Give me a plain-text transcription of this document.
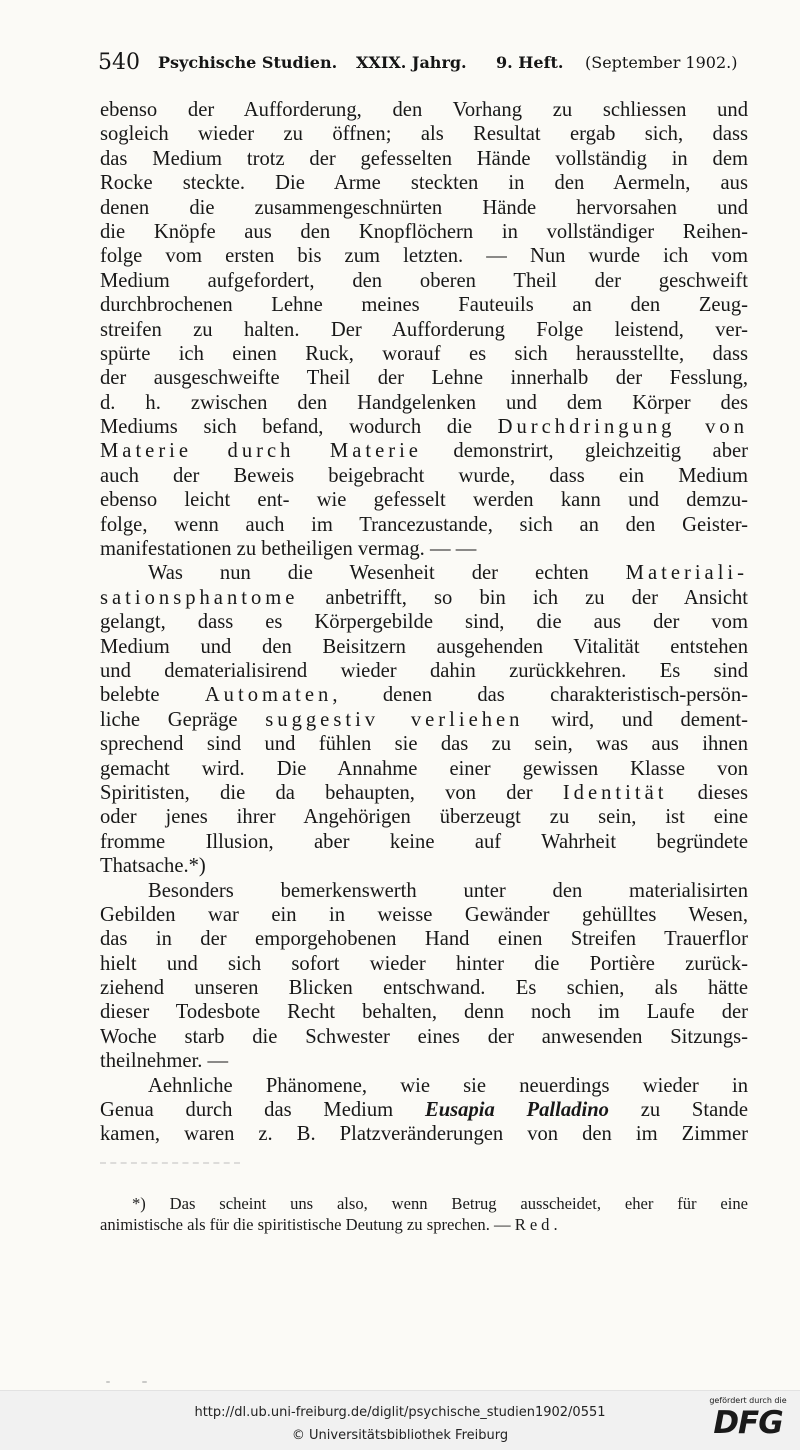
540 Psychische Studien. XXIX. Jahrg. 9. Heft. (September 1902.)
ebenso der Aufforderung, den Vorhang zu schliessen und
sogleich wieder zu öffnen; als Resultat ergab sich, dass
das Medium trotz der gefesselten Hände vollständig in dem
Rocke steckte. Die Arme steckten in den Aermeln, aus
denen die zusammengeschnürten Hände hervorsahen und
die Knöpfe aus den Knopflöchern in vollständiger Reihen-
folge vom ersten bis zum letzten. — Nun wurde ich vom
Medium aufgefordert, den oberen Theil der geschweift
durchbrochenen Lehne meines Fauteuils an den Zeug-
streifen zu halten. Der Aufforderung Folge leistend, ver-
spürte ich einen Ruck, worauf es sich herausstellte, dass
der ausgeschweifte Theil der Lehne innerhalb der Fesslung,
d. h. zwischen den Handgelenken und dem Körper des
Mediums sich befand, wodurch die Durchdringung von
Materie durch Materie demonstrirt, gleichzeitig aber
auch der Beweis beigebracht wurde, dass ein Medium
ebenso leicht ent- wie gefesselt werden kann und demzu-
folge, wenn auch im Trancezustande, sich an den Geister-
manifestationen zu betheiligen vermag. — —
Was nun die Wesenheit der echten Materiali-
sationsphantome anbetrifft, so bin ich zu der Ansicht
gelangt, dass es Körpergebilde sind, die aus der vom
Medium und den Beisitzern ausgehenden Vitalität entstehen
und dematerialisirend wieder dahin zurückkehren. Es sind
belebte Automaten, denen das charakteristisch-persön-
liche Gepräge suggestiv verliehen wird, und dement-
sprechend sind und fühlen sie das zu sein, was aus ihnen
gemacht wird. Die Annahme einer gewissen Klasse von
Spiritisten, die da behaupten, von der Identität dieses
oder jenes ihrer Angehörigen überzeugt zu sein, ist eine
fromme Illusion, aber keine auf Wahrheit begründete
Thatsache.*)
Besonders bemerkenswerth unter den materialisirten
Gebilden war ein in weisse Gewänder gehülltes Wesen,
das in der emporgehobenen Hand einen Streifen Trauerflor
hielt und sich sofort wieder hinter die Portière zurück-
ziehend unseren Blicken entschwand. Es schien, als hätte
dieser Todesbote Recht behalten, denn noch im Laufe der
Woche starb die Schwester eines der anwesenden Sitzungs-
theilnehmer. —
Aehnliche Phänomene, wie sie neuerdings wieder in
Genua durch das Medium Eusapia Palladino zu Stande
kamen, waren z. B. Platzveränderungen von den im Zimmer
*) Das scheint uns also, wenn Betrug ausscheidet, eher für eine
animistische als für die spiritistische Deutung zu sprechen. — Red.
http://dl.ub.uni-freiburg.de/diglit/psychische_studien1902/0551
© Universitätsbibliothek Freiburg
gefördert durch die
DFG
